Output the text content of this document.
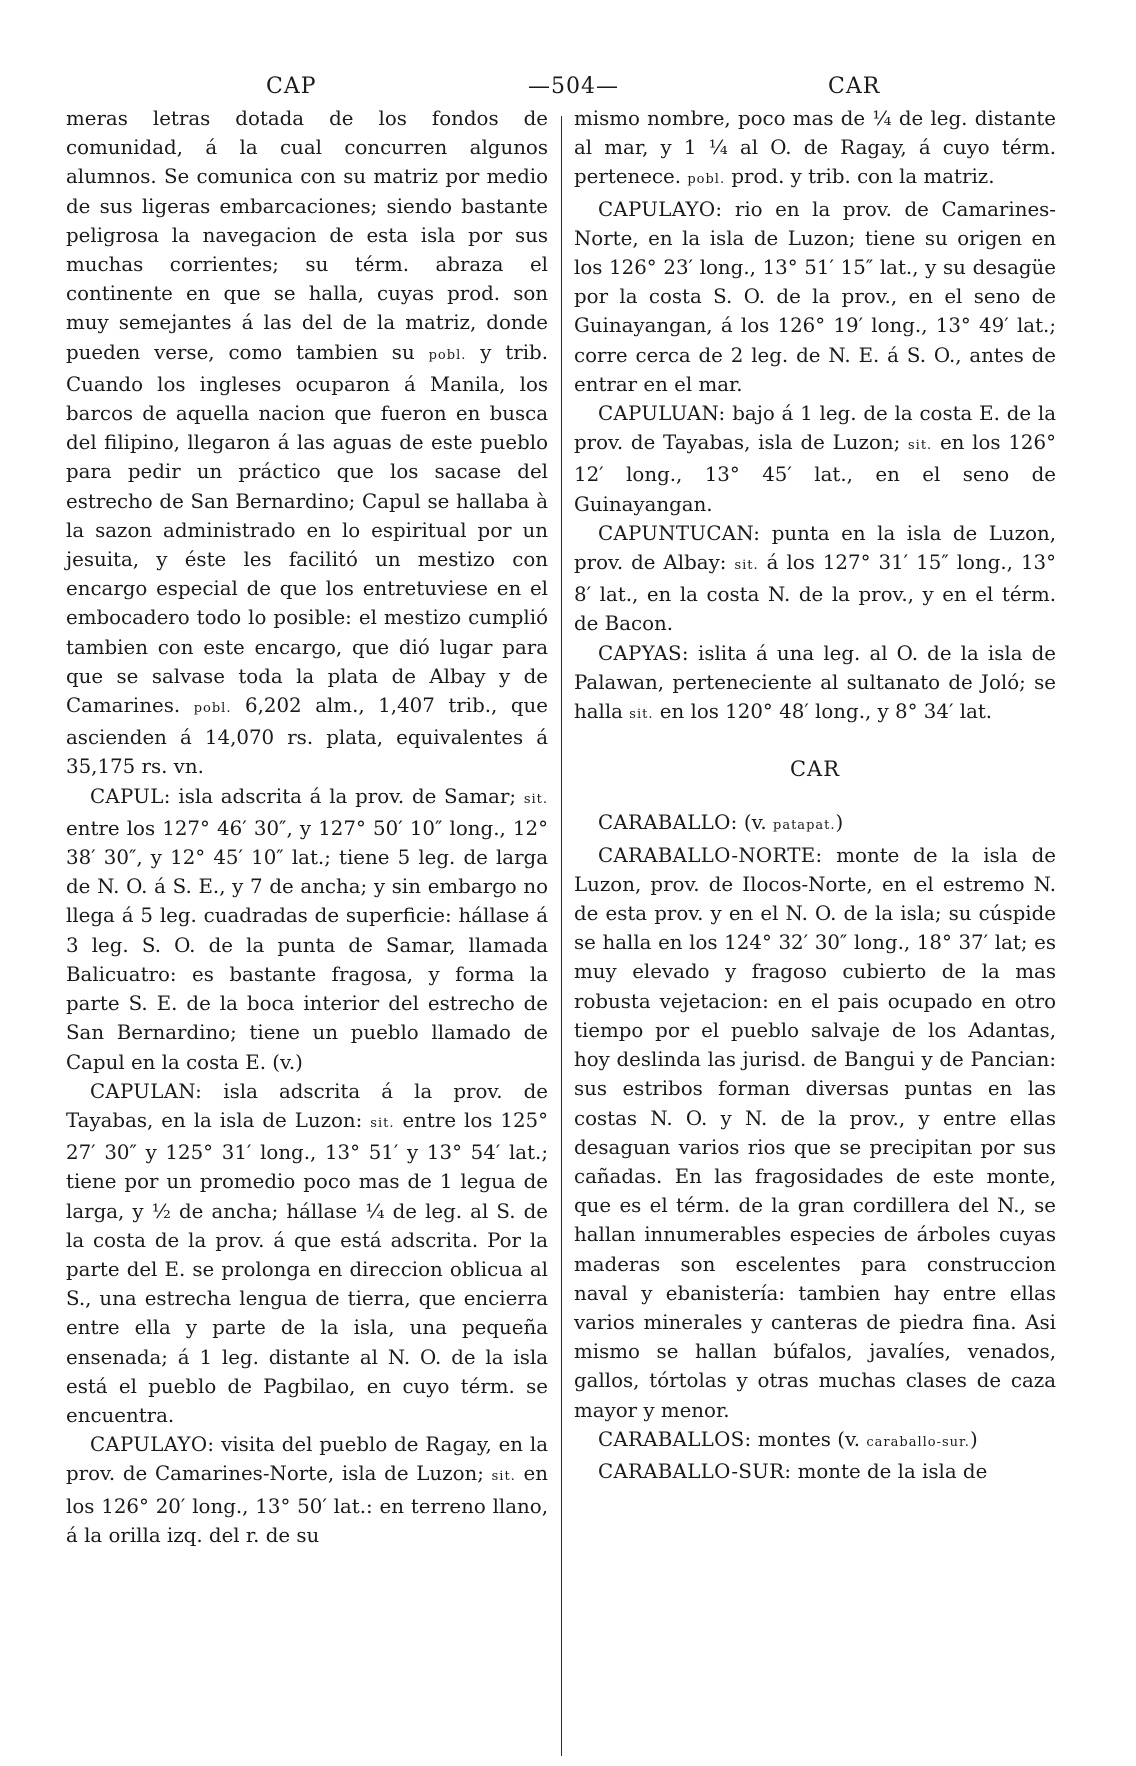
CAP	—504—	CAR

meras letras dotada de los fondos de comunidad, á la cual concurren algunos alumnos. Se comunica con su matriz por medio de sus ligeras embarcaciones; siendo bastante peligrosa la navegacion de esta isla por sus muchas corrientes; su térm. abraza el continente en que se halla, cuyas prod. son muy semejantes á las del de la matriz, donde pueden verse, como tambien su pobl. y trib. Cuando los ingleses ocuparon á Manila, los barcos de aquella nacion que fueron en busca del filipino, llegaron á las aguas de este pueblo para pedir un práctico que los sacase del estrecho de San Bernardino; Capul se hallaba à la sazon administrado en lo espiritual por un jesuita, y éste les facilitó un mestizo con encargo especial de que los entretuviese en el embocadero todo lo posible: el mestizo cumplió tambien con este encargo, que dió lugar para que se salvase toda la plata de Albay y de Camarines. pobl. 6,202 alm., 1,407 trib., que ascienden á 14,070 rs. plata, equivalentes á 35,175 rs. vn.

CAPUL: isla adscrita á la prov. de Samar; sit. entre los 127° 46′ 30″, y 127° 50′ 10″ long., 12° 38′ 30″, y 12° 45′ 10″ lat.; tiene 5 leg. de larga de N. O. á S. E., y 7 de ancha; y sin embargo no llega á 5 leg. cuadradas de superficie: hállase á 3 leg. S. O. de la punta de Samar, llamada Balicuatro: es bastante fragosa, y forma la parte S. E. de la boca interior del estrecho de San Bernardino; tiene un pueblo llamado de Capul en la costa E. (v.)

CAPULAN: isla adscrita á la prov. de Tayabas, en la isla de Luzon: sit. entre los 125° 27′ 30″ y 125° 31′ long., 13° 51′ y 13° 54′ lat.; tiene por un promedio poco mas de 1 legua de larga, y ½ de ancha; hállase ¼ de leg. al S. de la costa de la prov. á que está adscrita. Por la parte del E. se prolonga en direccion oblicua al S., una estrecha lengua de tierra, que encierra entre ella y parte de la isla, una pequeña ensenada; á 1 leg. distante al N. O. de la isla está el pueblo de Pagbilao, en cuyo térm. se encuentra.

CAPULAYO: visita del pueblo de Ragay, en la prov. de Camarines-Norte, isla de Luzon; sit. en los 126° 20′ long., 13° 50′ lat.: en terreno llano, á la orilla izq. del r. de su

mismo nombre, poco mas de ¼ de leg. distante al mar, y 1 ¼ al O. de Ragay, á cuyo térm. pertenece. pobl. prod. y trib. con la matriz.

CAPULAYO: rio en la prov. de Camarines-Norte, en la isla de Luzon; tiene su origen en los 126° 23′ long., 13° 51′ 15″ lat., y su desagüe por la costa S. O. de la prov., en el seno de Guinayangan, á los 126° 19′ long., 13° 49′ lat.; corre cerca de 2 leg. de N. E. á S. O., antes de entrar en el mar.

CAPULUAN: bajo á 1 leg. de la costa E. de la prov. de Tayabas, isla de Luzon; sit. en los 126° 12′ long., 13° 45′ lat., en el seno de Guinayangan.

CAPUNTUCAN: punta en la isla de Luzon, prov. de Albay: sit. á los 127° 31′ 15″ long., 13° 8′ lat., en la costa N. de la prov., y en el térm. de Bacon.

CAPYAS: islita á una leg. al O. de la isla de Palawan, perteneciente al sultanato de Joló; se halla sit. en los 120° 48′ long., y 8° 34′ lat.

CAR

CARABALLO: (v. patapat.)

CARABALLO-NORTE: monte de la isla de Luzon, prov. de Ilocos-Norte, en el estremo N. de esta prov. y en el N. O. de la isla; su cúspide se halla en los 124° 32′ 30″ long., 18° 37′ lat; es muy elevado y fragoso cubierto de la mas robusta vejetacion: en el pais ocupado en otro tiempo por el pueblo salvaje de los Adantas, hoy deslinda las jurisd. de Bangui y de Pancian: sus estribos forman diversas puntas en las costas N. O. y N. de la prov., y entre ellas desaguan varios rios que se precipitan por sus cañadas. En las fragosidades de este monte, que es el térm. de la gran cordillera del N., se hallan innumerables especies de árboles cuyas maderas son escelentes para construccion naval y ebanistería: tambien hay entre ellas varios minerales y canteras de piedra fina. Asi mismo se hallan búfalos, javalíes, venados, gallos, tórtolas y otras muchas clases de caza mayor y menor.

CARABALLOS: montes (v. caraballo-sur.)

CARABALLO-SUR: monte de la isla de
